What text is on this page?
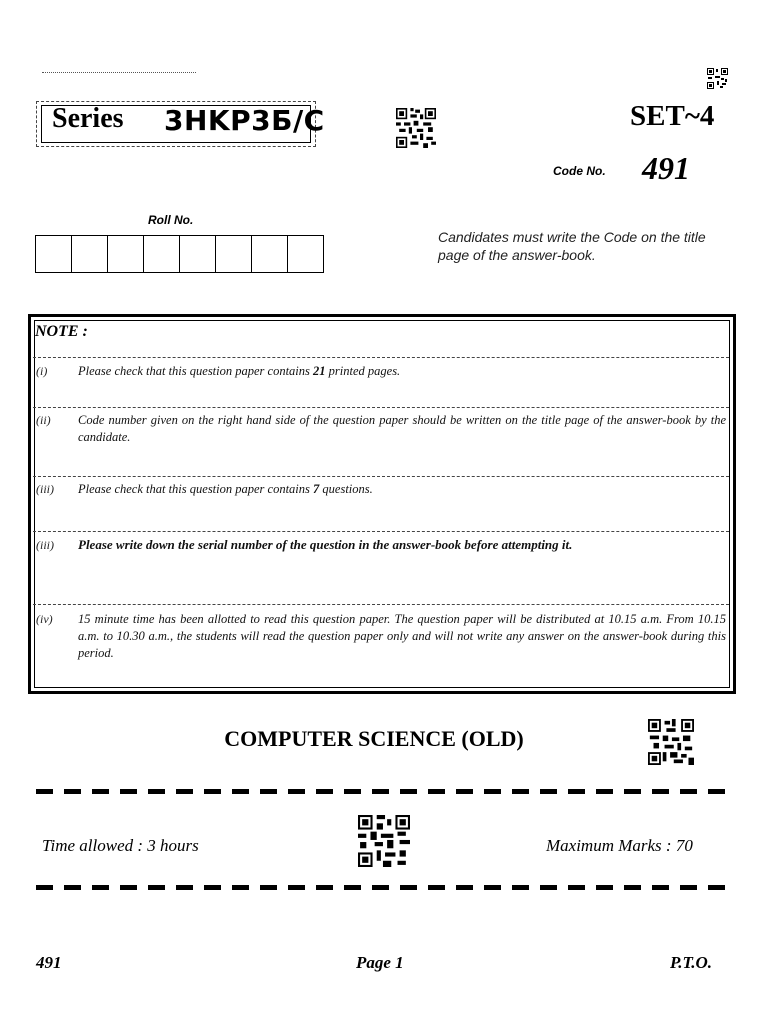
Series 3HKP3Б/C	SET~4
Code No. 491
Roll No.
Candidates must write the Code on the title page of the answer-book.
NOTE :
(i) Please check that this question paper contains 21 printed pages.
(ii) Code number given on the right hand side of the question paper should be written on the title page of the answer-book by the candidate.
(iii) Please check that this question paper contains 7 questions.
(iii) Please write down the serial number of the question in the answer-book before attempting it.
(iv) 15 minute time has been allotted to read this question paper. The question paper will be distributed at 10.15 a.m. From 10.15 a.m. to 10.30 a.m., the students will read the question paper only and will not write any answer on the answer-book during this period.
COMPUTER SCIENCE (OLD)
Time allowed : 3 hours	Maximum Marks : 70
491	Page 1	P.T.O.
